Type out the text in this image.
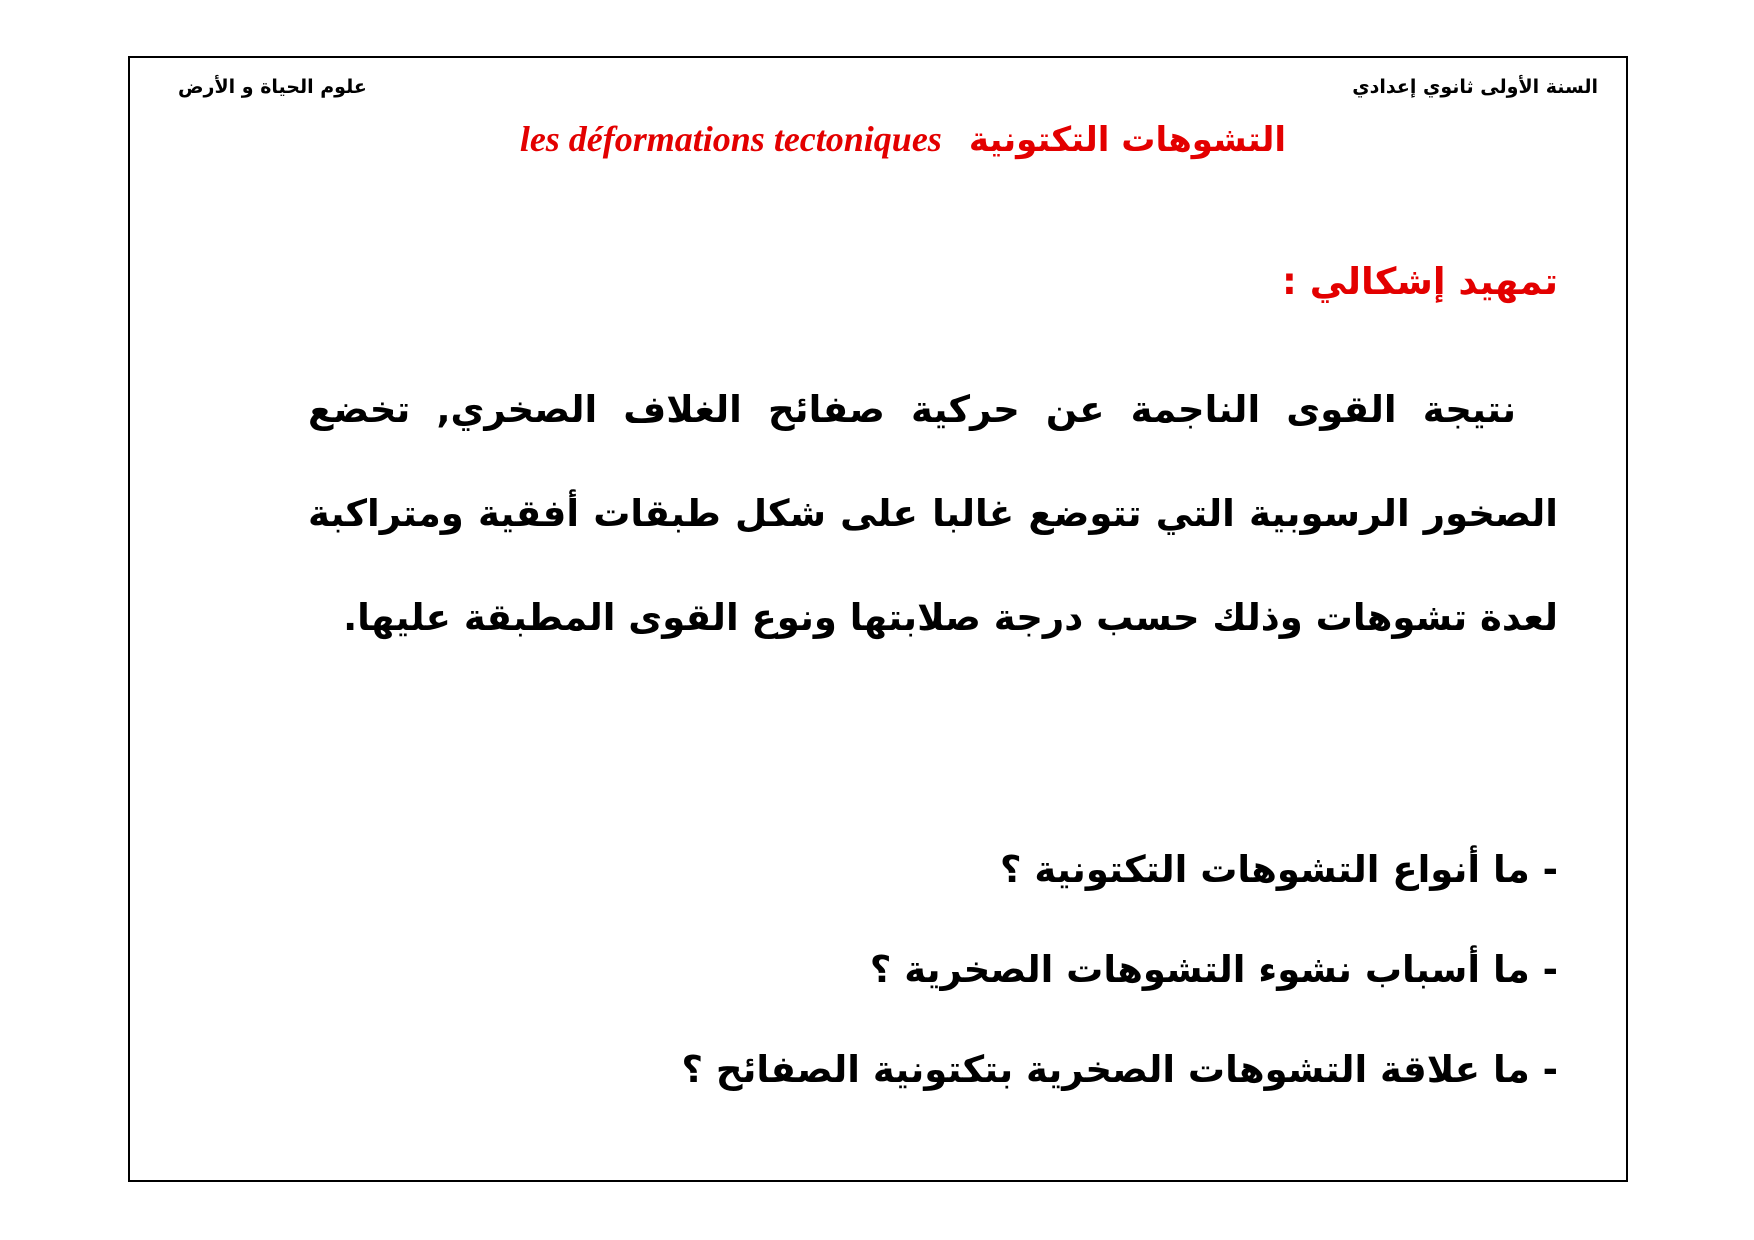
السنة الأولى ثانوي إعدادي
علوم الحياة و الأرض
التشوهات التكتونية les déformations tectoniques
تمهيد إشكالي :

نتيجة القوى الناجمة عن حركية صفائح الغلاف الصخري, تخضع الصخور الرسوبية التي تتوضع غالبا على شكل طبقات أفقية ومتراكبة لعدة تشوهات وذلك حسب درجة صلابتها ونوع القوى المطبقة عليها.

- ما أنواع التشوهات التكتونية ؟
- ما أسباب نشوء التشوهات الصخرية ؟
- ما علاقة التشوهات الصخرية بتكتونية الصفائح ؟
